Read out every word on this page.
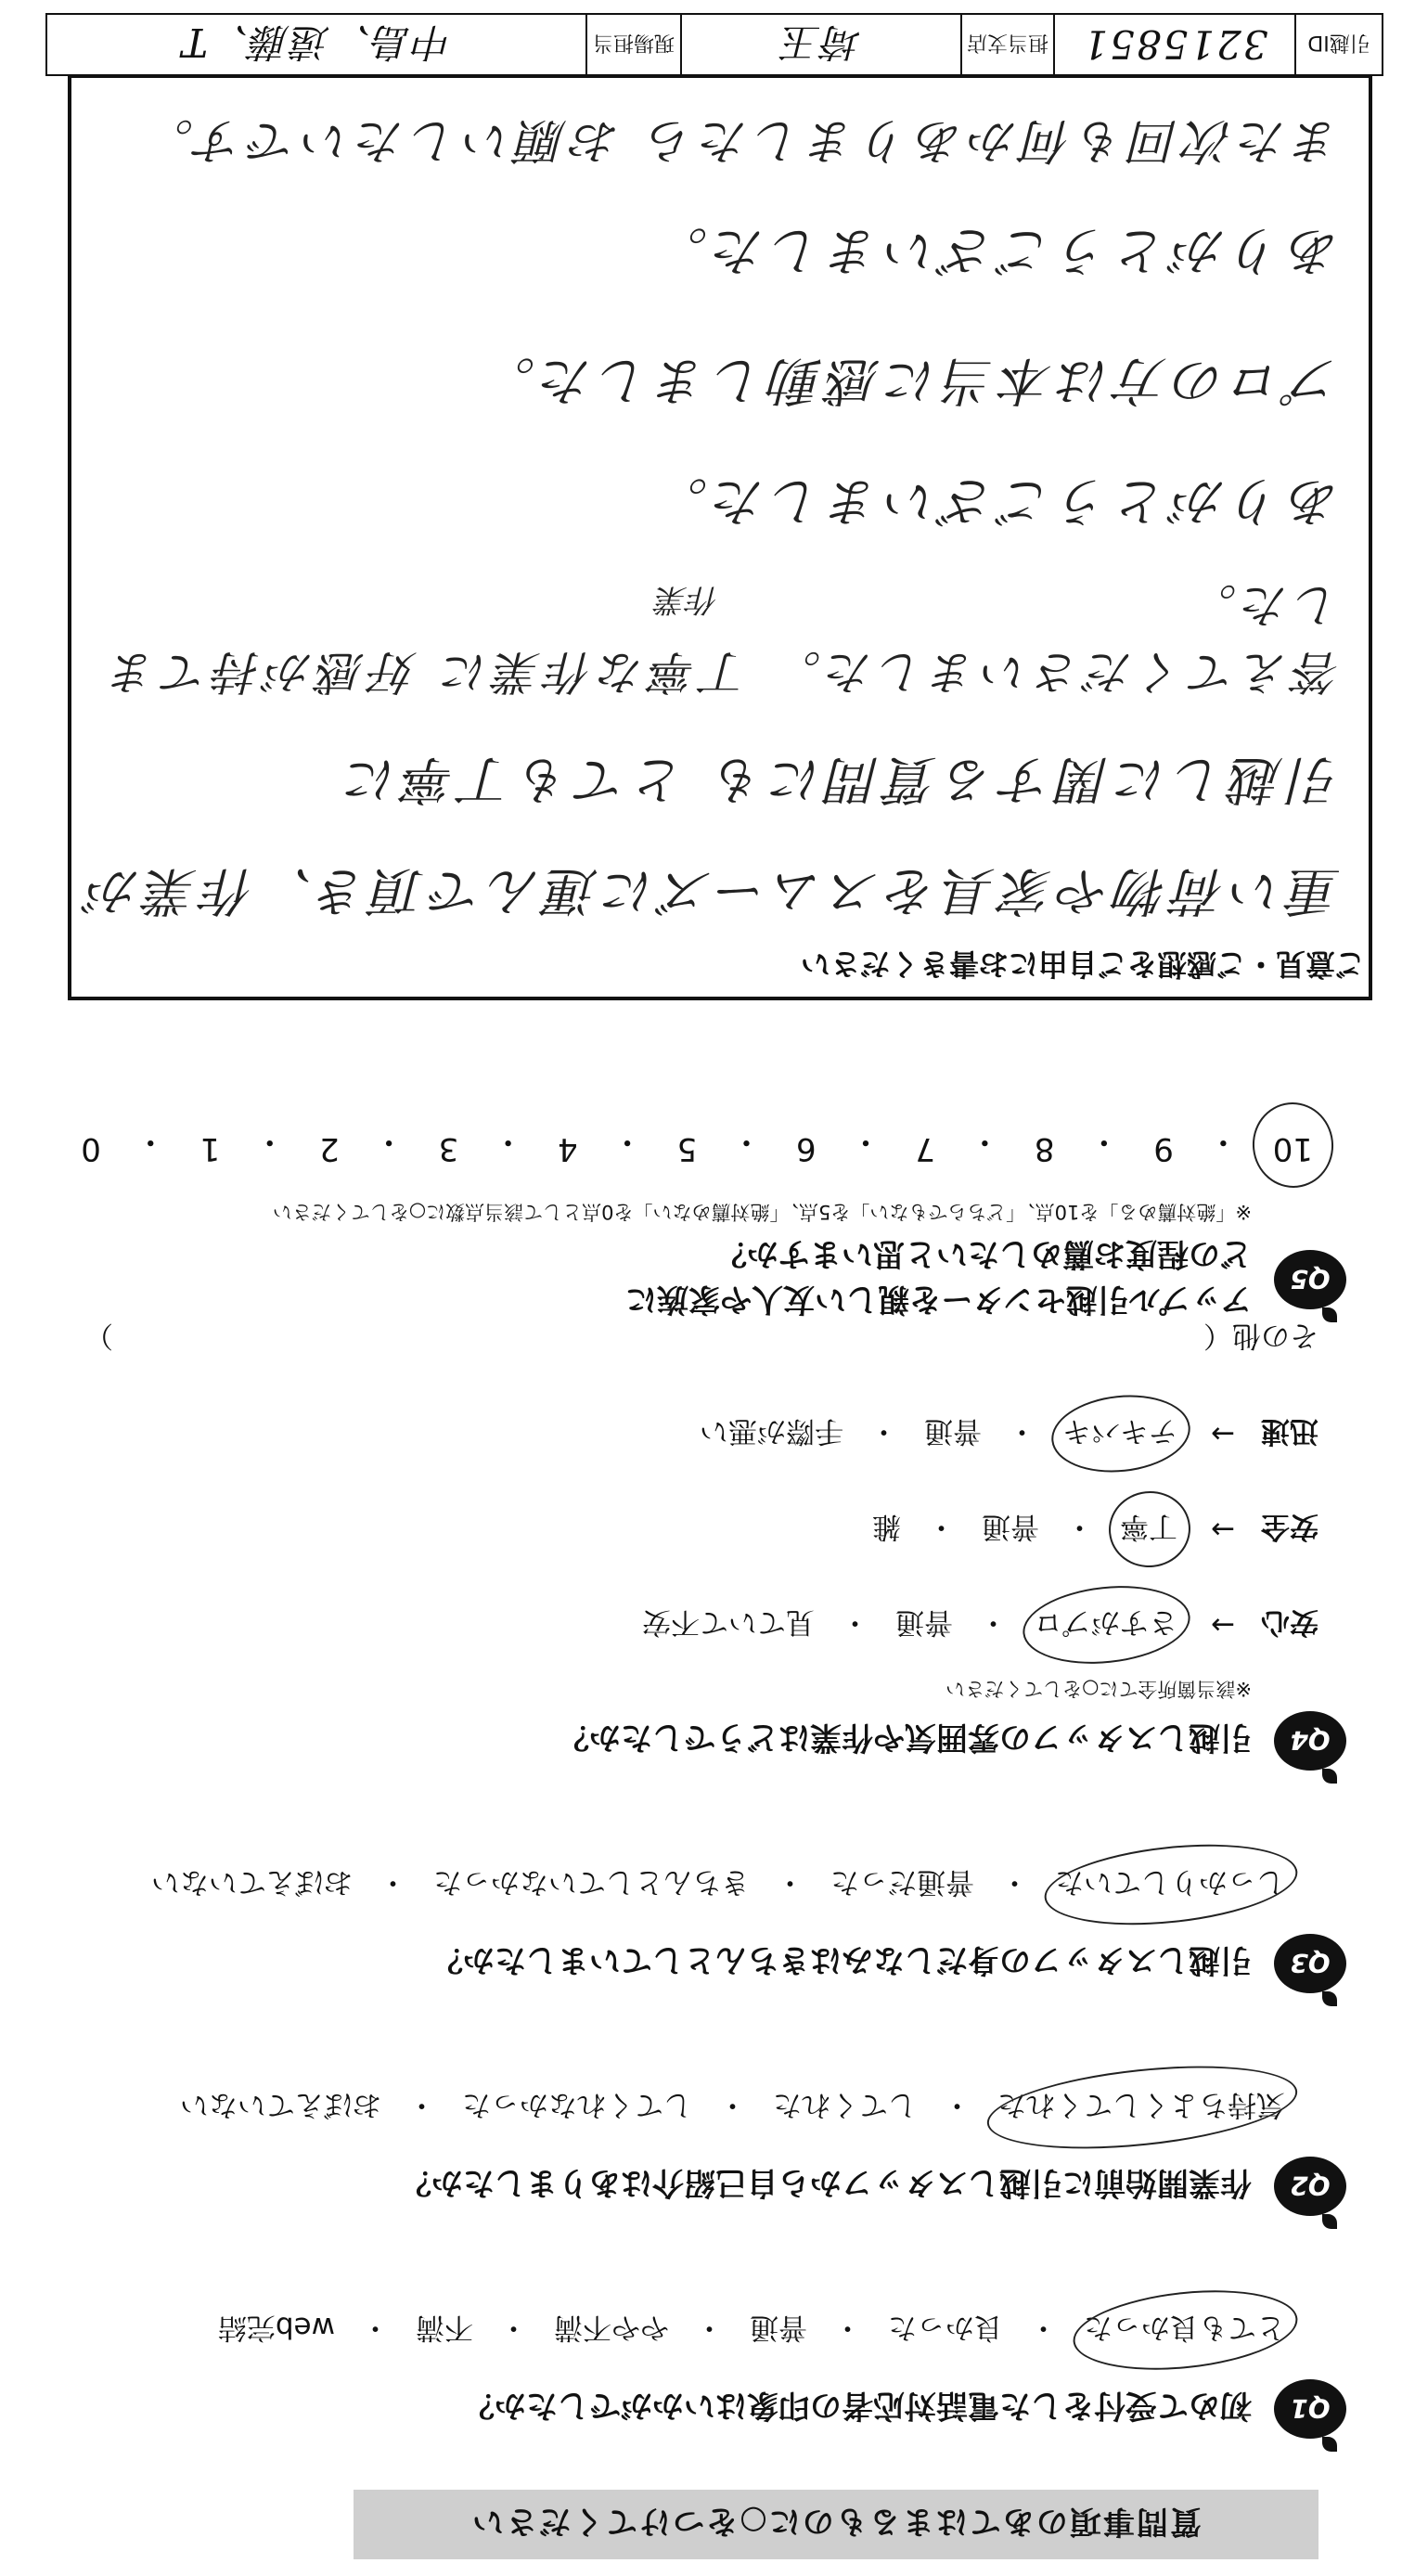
質問事項のあてはまるものに○をつけてください
Q1
初めて受付をした電話対応者の印象はいかがでしたか？
とても良かった
・
良かった
・
普通
・
やや不満
・
不満
・
web完結
Q2
作業開始前に引越しスタッフから自己紹介はありましたか？
気持ちよくしてくれた
・
してくれた
・
してくれなかった
・
おぼえていない
Q3
引越しスタッフの身だしなみはきちんとしていましたか？
しっかりしていた
・
普通だった
・
きちんとしていなかった
・
おぼえていない
Q4
引越しスタッフの雰囲気や作業はどうでしたか？
※該当箇所全てに○をしてください
安心
→
さすがプロ
・
普通
・
見ていて不安
安全
→
丁寧
・
普通
・
雑
迅速
→
テキパキ
・
普通
・
手際が悪い
その他（
）
Q5
アップル引越センターを親しい友人や家族に
どの程度お薦めしたいと思いますか？
※「絶対薦める」を10点、「どちらでもない」を5点、「絶対薦めない」を0点として該当点数に○をしてください
10
・
9
・
8
・
7
・
6
・
5
・
4
・
3
・
2
・
1
・
0
ご意見・ご感想をご自由にお書きください
重い荷物や家具をスムーズに運んで頂き、作業が
引越しに関する質問にも とても丁寧に
答えてくださいました。 丁寧な作業に 好感が持てました。
作業
ありがとうございました。
プロの方は本当に感動しました。
ありがとうございました。
また次回も何かありましたら お願いしたいです。
引越ID
3215851
担当支店
埼玉
現場担当
中島、遠藤、T
